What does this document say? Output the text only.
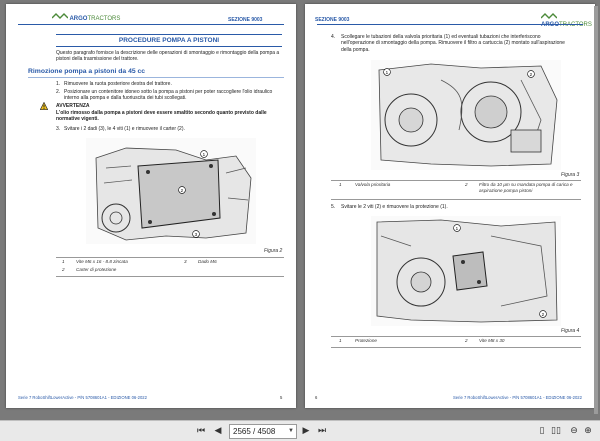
ARGOTRACTORS	SEZIONE 9003
PROCEDURE POMPA A PISTONI
Questo paragrafo fornisce la descrizione delle operazioni di smontaggio e rimontaggio della pompa a pistoni della trasmissione del trattore.
Rimozione pompa a pistoni da 45 cc
1. Rimuovere la ruota posteriore destra del trattore.
2. Posizionare un contenitore idoneo sotto la pompa a pistoni per poter raccogliere l'olio idraulico interno alla pompa e dalla fuoriuscita dei tubi scollegati.
AVVERTENZA
L'olio rimosso dalla pompa a pistoni deve essere smaltito secondo quanto previsto dalle normative vigenti.
3. Svitare i 2 dadi (3), le 4 viti (1) e rimuovere il carter (2).
3
1
2
Figura 2
1 Vite M6 x 16 - 8.8 zincata	3 Dado M6
2 Carter di protezione
Serie 7 RoboShiftLowerActive - P/N 5708601A1 - EDIZIONE 06-2022	5
SEZIONE 9003
ARGOTRACTORS
4. Scollegare le tubazioni della valvola prioritaria (1) ed eventuali tubazioni che interferiscono nell'operazione di smontaggio della pompa. Rimuovere il filtro a cartuccia (2) montato sull'aspirazione della pompa.
1	2
Figura 3
1	Valvola prioritaria	2 Filtro da 10 µm su mandata pompa di carica e aspirazione pompa pistoni
5. Svitare le 2 viti (2) e rimuovere la protezione (1).
1
2
Figura 4
1	Protezione	2 Vite M8 x 30
6	Serie 7 RoboShiftLowerActive - P/N 5708601A1 - EDIZIONE 06-2022
⏮ ◀	2565 / 4508	▼ ▶ ⏭	▯ ▯▯ ⊖ ⊕
